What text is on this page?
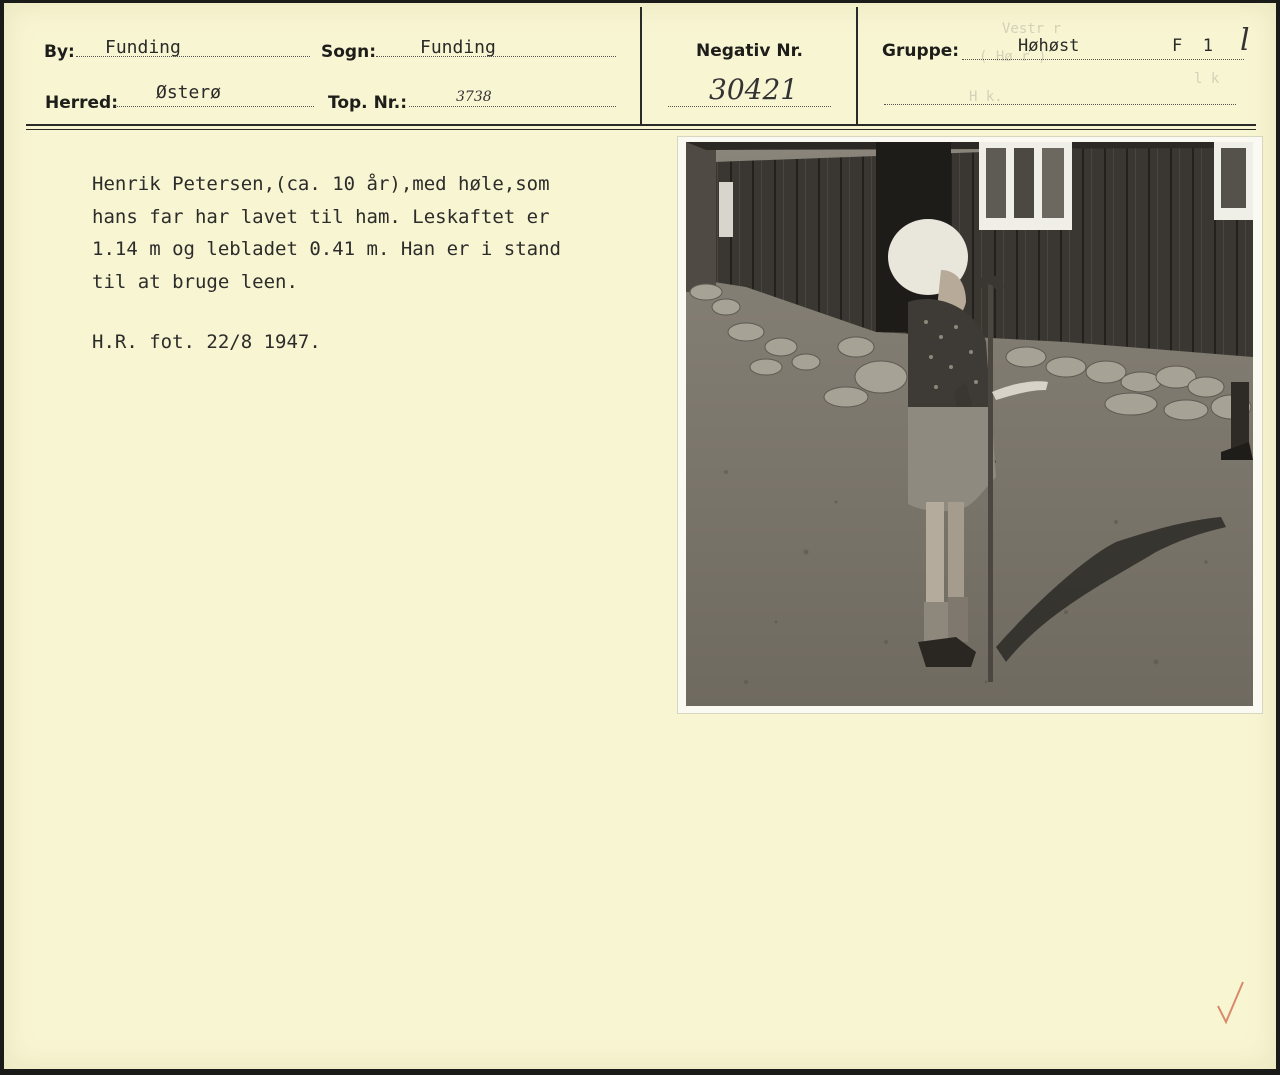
By: Funding	Sogn: Funding
Herred: Østerø	Top. Nr.:	3738
Negativ Nr.
30421
Gruppe:
Vestr r
( Hø r )
H k.
l k
Høhøst	F  1 l

Henrik Petersen,(ca. 10 år),med høle,som

hans far har lavet til ham. Leskaftet er

1.14 m og lebladet 0.41 m. Han er i stand

til at bruge leen.

H.R. fot. 22/8 1947.
